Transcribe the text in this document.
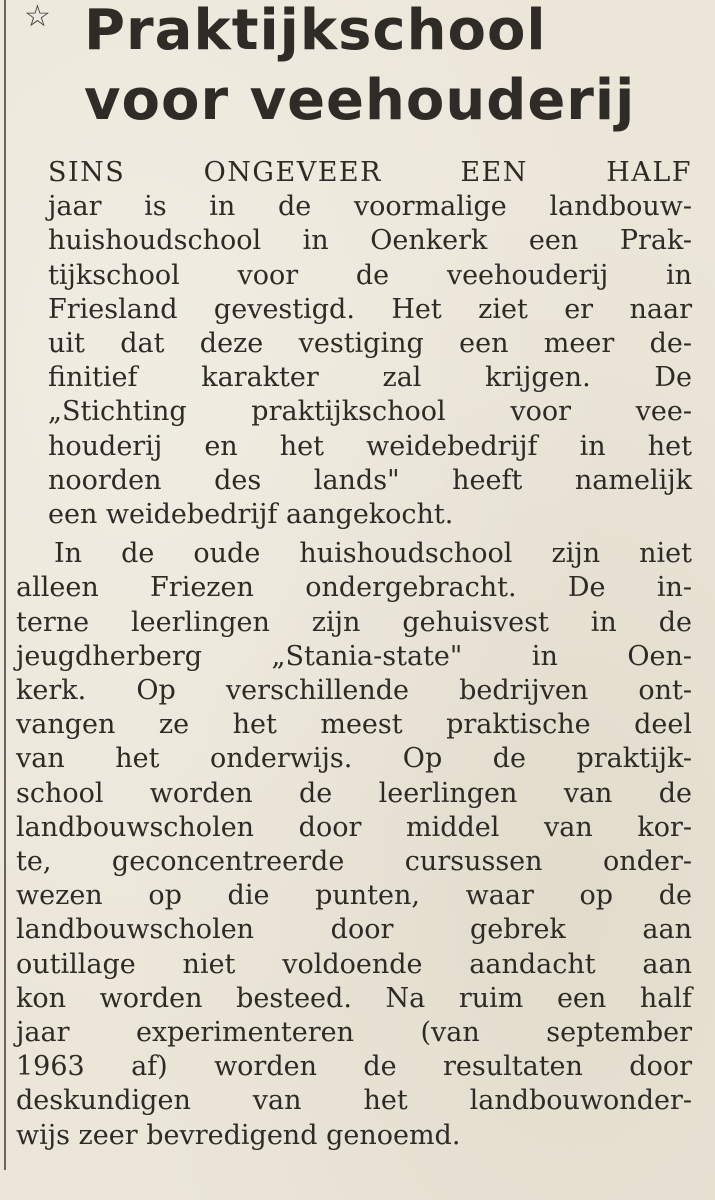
☆ Praktijkschool
voor veehouderij

SINS ONGEVEER EEN HALF
jaar is in de voormalige landbouw-
huishoudschool in Oenkerk een Prak-
tijkschool voor de veehouderij in
Friesland gevestigd. Het ziet er naar
uit dat deze vestiging een meer de-
finitief karakter zal krijgen. De
„Stichting praktijkschool voor vee-
houderij en het weidebedrijf in het
noorden des lands" heeft namelijk
een weidebedrijf aangekocht.

In de oude huishoudschool zijn niet
alleen Friezen ondergebracht. De in-
terne leerlingen zijn gehuisvest in de
jeugdherberg „Stania-state" in Oen-
kerk. Op verschillende bedrijven ont-
vangen ze het meest praktische deel
van het onderwijs. Op de praktijk-
school worden de leerlingen van de
landbouwscholen door middel van kor-
te, geconcentreerde cursussen onder-
wezen op die punten, waar op de
landbouwscholen door gebrek aan
outillage niet voldoende aandacht aan
kon worden besteed. Na ruim een half
jaar experimenteren (van september
1963 af) worden de resultaten door
deskundigen van het landbouwonder-
wijs zeer bevredigend genoemd.
